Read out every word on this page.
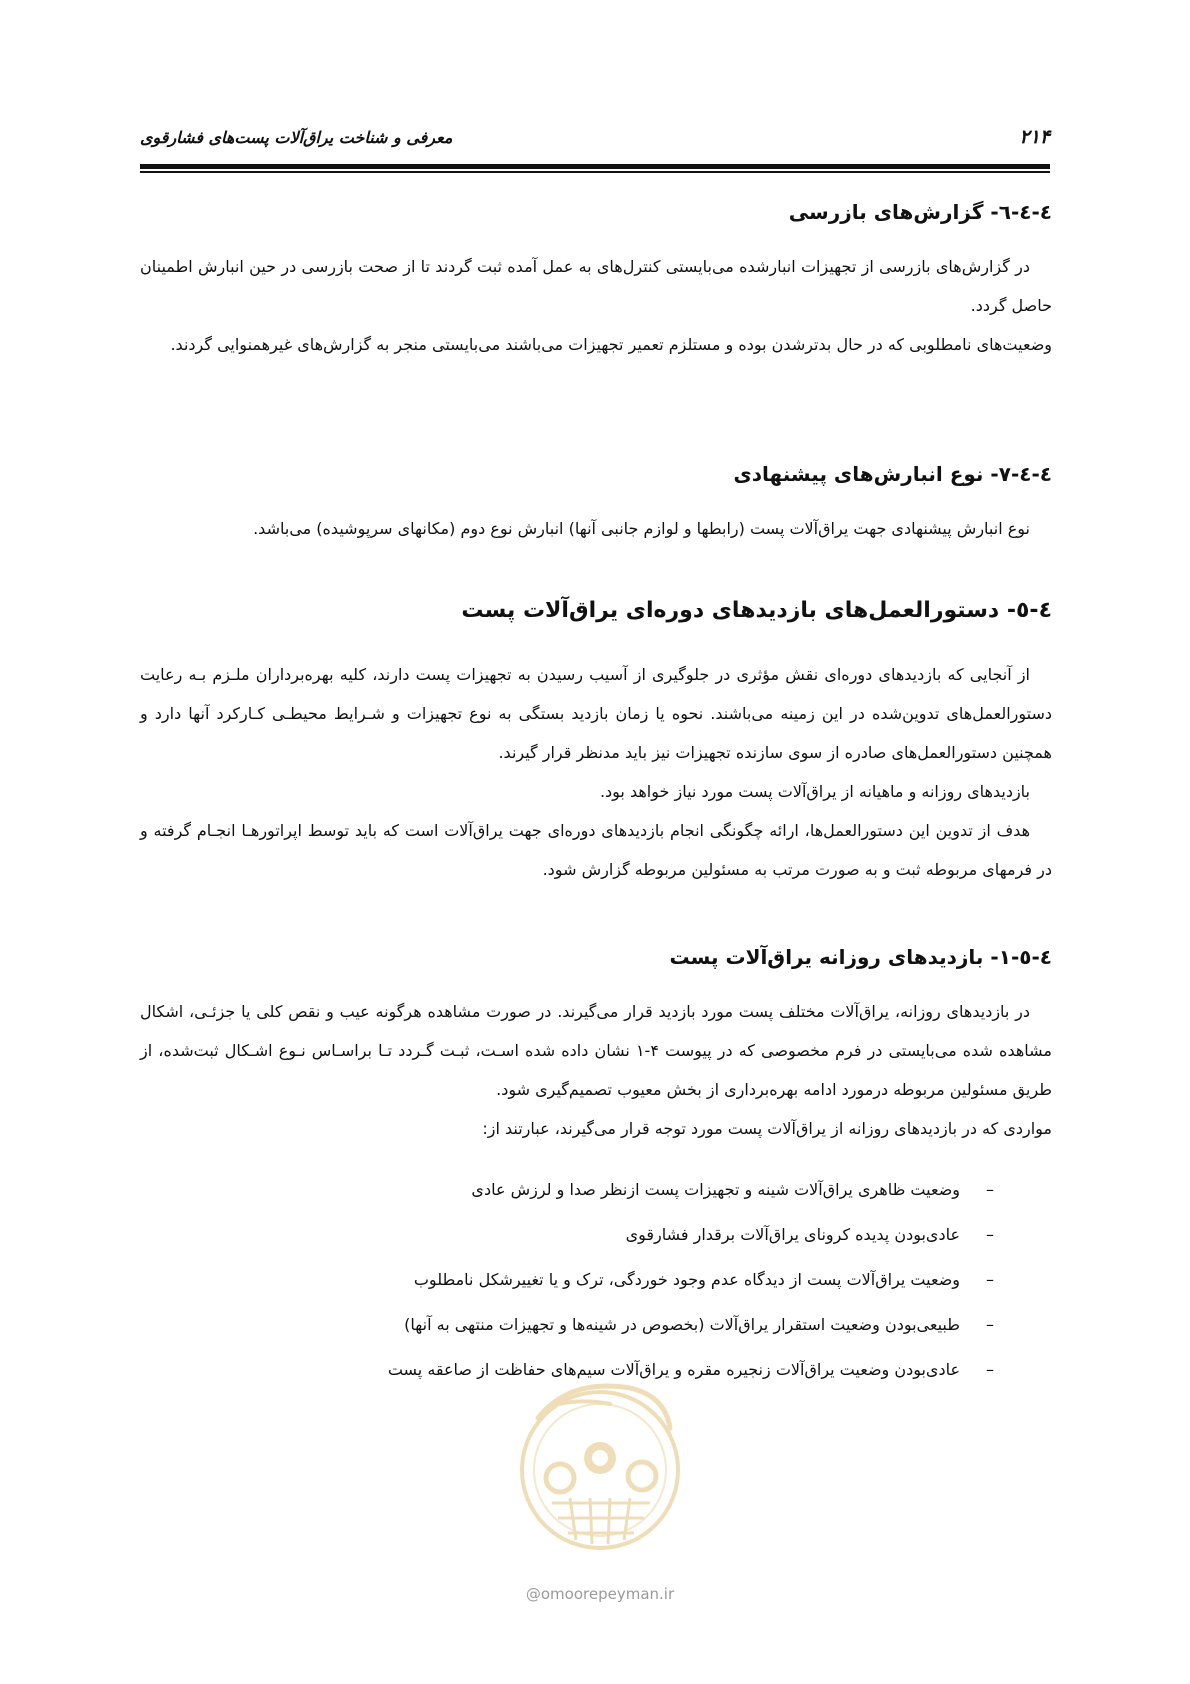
۲۱۴
معرفی و شناخت یراق‌آلات پست‌های فشارقوی
٤-٤-٦- گزارش‌های بازرسی
در گزارش‌های بازرسی از تجهیزات انبارشده می‌بایستی کنترل‌های به عمل آمده ثبت گردند تا از صحت بازرسی در حین انبارش اطمینان حاصل گردد.
وضعیت‌های نامطلوبی که در حال بدترشدن بوده و مستلزم تعمیر تجهیزات می‌باشند می‌بایستی منجر به گزارش‌های غیرهمنوایی گردند.
٤-٤-٧- نوع انبارش‌های پیشنهادی
نوع انبارش پیشنهادی جهت یراق‌آلات پست (رابطها و لوازم جانبی آنها) انبارش نوع دوم (مکانهای سرپوشیده) می‌باشد.
٤-٥- دستورالعمل‌های بازدیدهای دوره‌ای یراق‌آلات پست
از آنجایی که بازدیدهای دوره‌ای نقش مؤثری در جلوگیری از آسیب رسیدن به تجهیزات پست دارند، کلیه بهره‌برداران ملـزم بـه رعایت دستورالعمل‌های تدوین‌شده در این زمینه می‌باشند. نحوه یا زمان بازدید بستگی به نوع تجهیزات و شـرایط محیطـی کـارکرد آنها دارد و همچنین دستورالعمل‌های صادره از سوی سازنده تجهیزات نیز باید مدنظر قرار گیرند.
بازدیدهای روزانه و ماهیانه از یراق‌آلات پست مورد نیاز خواهد بود.
هدف از تدوین این دستورالعمل‌ها، ارائه چگونگی انجام بازدیدهای دوره‌ای جهت یراق‌آلات است که باید توسط اپراتورهـا انجـام گرفته و در فرمهای مربوطه ثبت و به صورت مرتب به مسئولین مربوطه گزارش شود.
٤-٥-١- بازدیدهای روزانه یراق‌آلات پست
در بازدیدهای روزانه، یراق‌آلات مختلف پست مورد بازدید قرار می‌گیرند. در صورت مشاهده هرگونه عیب و نقص کلی یا جزئـی، اشکال مشاهده شده می‌بایستی در فرم مخصوصی که در پیوست ۴-۱ نشان داده شده اسـت، ثبـت گـردد تـا براسـاس نـوع اشـکال ثبت‌شده، از طریق مسئولین مربوطه درمورد ادامه بهره‌برداری از بخش معیوب تصمیم‌گیری شود.
مواردی که در بازدیدهای روزانه از یراق‌آلات پست مورد توجه قرار می‌گیرند، عبارتند از:
–
وضعیت ظاهری یراق‌آلات شینه و تجهیزات پست ازنظر صدا و لرزش عادی
–
عادی‌بودن پدیده کرونای یراق‌آلات برقدار فشارقوی
–
وضعیت یراق‌آلات پست از دیدگاه عدم وجود خوردگی، ترک و یا تغییرشکل نامطلوب
–
طبیعی‌بودن وضعیت استقرار یراق‌آلات (بخصوص در شینه‌ها و تجهیزات منتهی به آنها)
–
عادی‌بودن وضعیت یراق‌آلات زنجیره مقره و یراق‌آلات سیم‌های حفاظت از صاعقه پست
@omoorepeyman.ir
